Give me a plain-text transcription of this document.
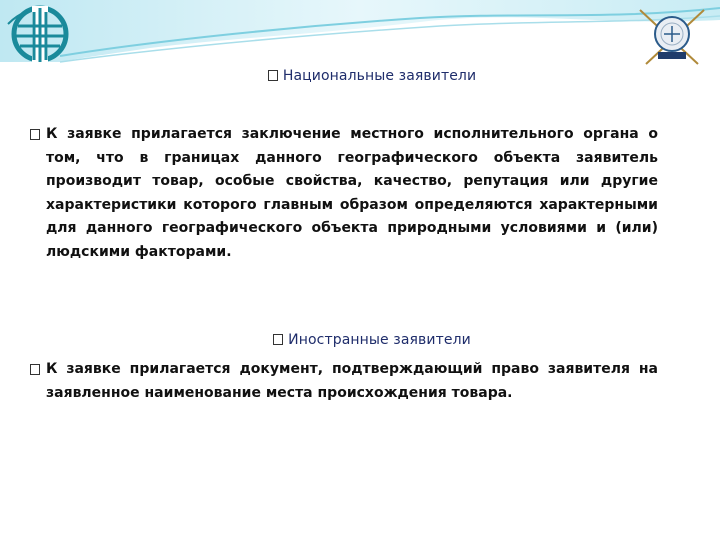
Национальные заявители
К заявке прилагается заключение местного исполнительного органа о том, что в границах данного географического объекта заявитель производит товар, особые свойства, качество, репутация или другие характеристики которого главным образом определяются характерными для данного географического объекта природными условиями и (или) людскими факторами.
Иностранные заявители
К заявке прилагается документ, подтверждающий право заявителя на заявленное наименование места происхождения товара.
